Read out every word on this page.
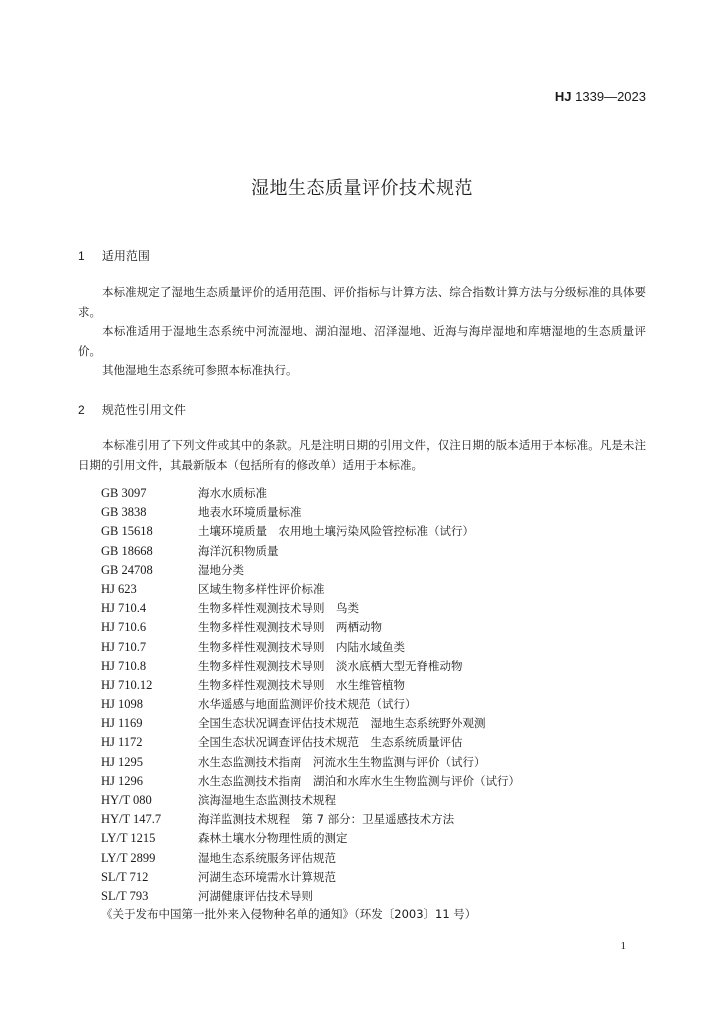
HJ 1339—2023
湿地生态质量评价技术规范
1 适用范围
本标准规定了湿地生态质量评价的适用范围、评价指标与计算方法、综合指数计算方法与分级标准的具体要求。
本标准适用于湿地生态系统中河流湿地、湖泊湿地、沼泽湿地、近海与海岸湿地和库塘湿地的生态质量评价。
其他湿地生态系统可参照本标准执行。
2 规范性引用文件
本标准引用了下列文件或其中的条款。凡是注明日期的引用文件，仅注日期的版本适用于本标准。凡是未注日期的引用文件，其最新版本（包括所有的修改单）适用于本标准。
GB 3097	海水水质标准
GB 3838	地表水环境质量标准
GB 15618	土壤环境质量　农用地土壤污染风险管控标准（试行）
GB 18668	海洋沉积物质量
GB 24708	湿地分类
HJ 623	区域生物多样性评价标准
HJ 710.4	生物多样性观测技术导则　鸟类
HJ 710.6	生物多样性观测技术导则　两栖动物
HJ 710.7	生物多样性观测技术导则　内陆水域鱼类
HJ 710.8	生物多样性观测技术导则　淡水底栖大型无脊椎动物
HJ 710.12	生物多样性观测技术导则　水生维管植物
HJ 1098	水华遥感与地面监测评价技术规范（试行）
HJ 1169	全国生态状况调查评估技术规范　湿地生态系统野外观测
HJ 1172	全国生态状况调查评估技术规范　生态系统质量评估
HJ 1295	水生态监测技术指南　河流水生生物监测与评价（试行）
HJ 1296	水生态监测技术指南　湖泊和水库水生生物监测与评价（试行）
HY/T 080	滨海湿地生态监测技术规程
HY/T 147.7	海洋监测技术规程　第 7 部分：卫星遥感技术方法
LY/T 1215	森林土壤水分物理性质的测定
LY/T 2899	湿地生态系统服务评估规范
SL/T 712	河湖生态环境需水计算规范
SL/T 793	河湖健康评估技术导则
《关于发布中国第一批外来入侵物种名单的通知》（环发〔2003〕11 号）
1
